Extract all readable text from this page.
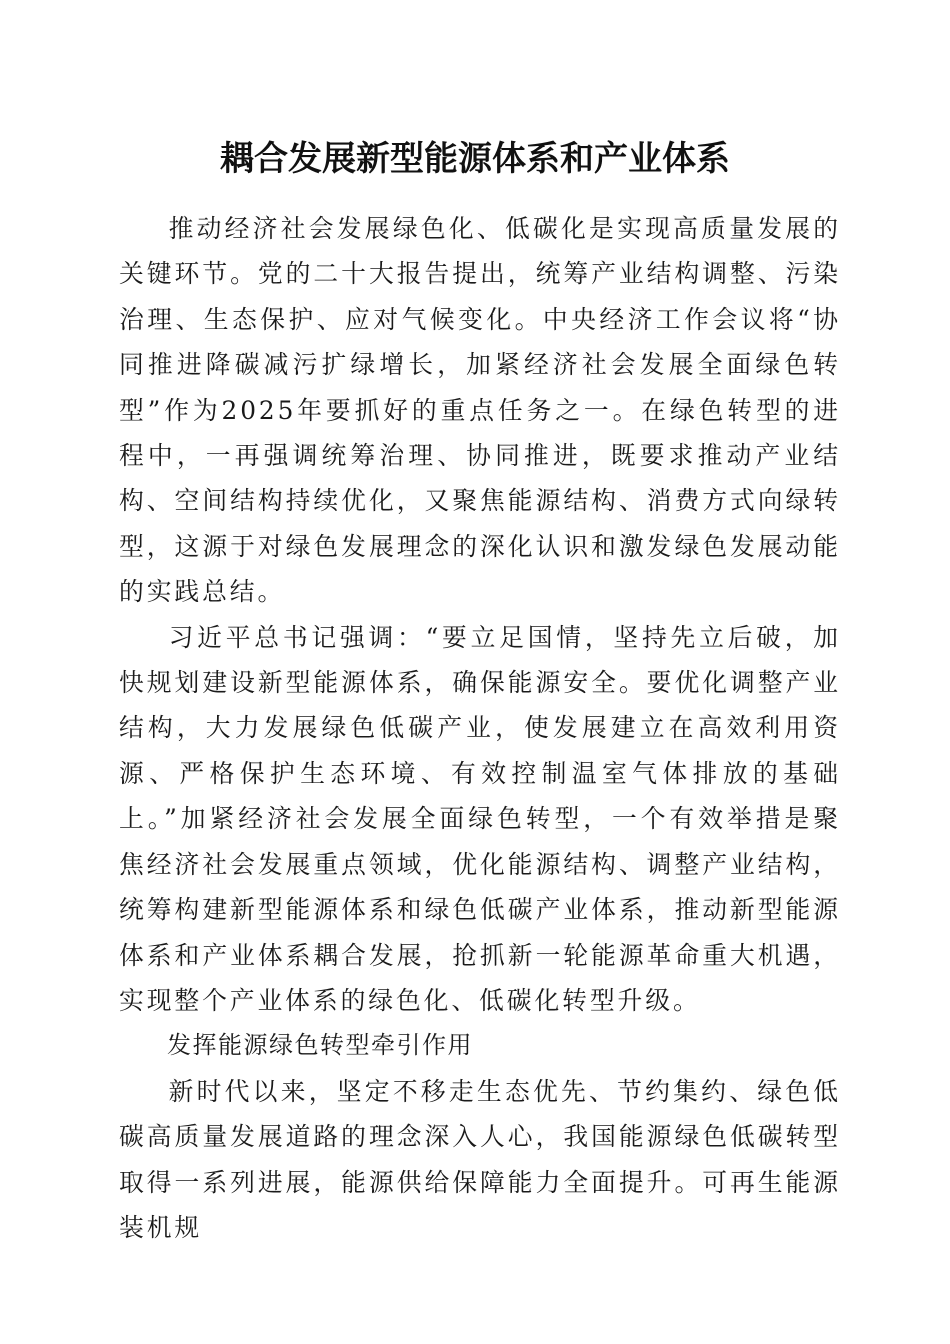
耦合发展新型能源体系和产业体系

推动经济社会发展绿色化、低碳化是实现高质量发展的关键环节。党的二十大报告提出，统筹产业结构调整、污染治理、生态保护、应对气候变化。中央经济工作会议将“协同推进降碳减污扩绿增长，加紧经济社会发展全面绿色转型”作为2025年要抓好的重点任务之一。在绿色转型的进程中，一再强调统筹治理、协同推进，既要求推动产业结构、空间结构持续优化，又聚焦能源结构、消费方式向绿转型，这源于对绿色发展理念的深化认识和激发绿色发展动能的实践总结。

习近平总书记强调：“要立足国情，坚持先立后破，加快规划建设新型能源体系，确保能源安全。要优化调整产业结构，大力发展绿色低碳产业，使发展建立在高效利用资源、严格保护生态环境、有效控制温室气体排放的基础上。”加紧经济社会发展全面绿色转型，一个有效举措是聚焦经济社会发展重点领域，优化能源结构、调整产业结构，统筹构建新型能源体系和绿色低碳产业体系，推动新型能源体系和产业体系耦合发展，抢抓新一轮能源革命重大机遇，实现整个产业体系的绿色化、低碳化转型升级。

发挥能源绿色转型牵引作用

新时代以来，坚定不移走生态优先、节约集约、绿色低碳高质量发展道路的理念深入人心，我国能源绿色低碳转型取得一系列进展，能源供给保障能力全面提升。可再生能源装机规
